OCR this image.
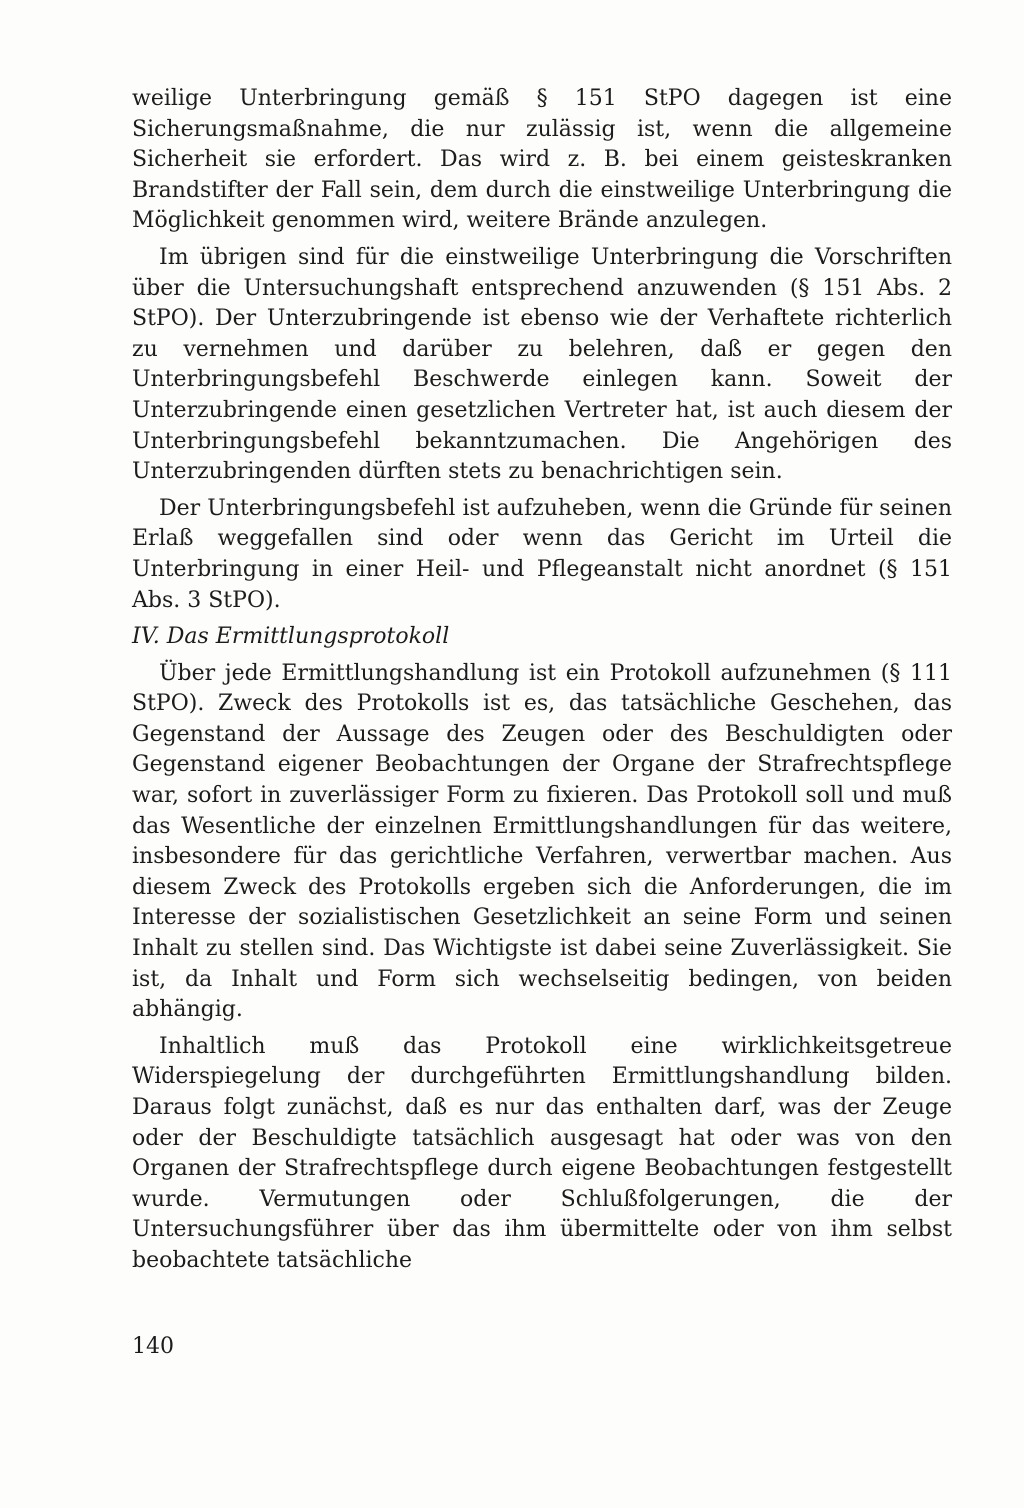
weilige Unterbringung gemäß § 151 StPO dagegen ist eine Sicherungsmaßnahme, die nur zulässig ist, wenn die allgemeine Sicherheit sie erfordert. Das wird z. B. bei einem geisteskranken Brandstifter der Fall sein, dem durch die einstweilige Unterbringung die Möglichkeit genommen wird, weitere Brände anzulegen.

Im übrigen sind für die einstweilige Unterbringung die Vorschriften über die Untersuchungshaft entsprechend anzuwenden (§ 151 Abs. 2 StPO). Der Unterzubringende ist ebenso wie der Verhaftete richterlich zu vernehmen und darüber zu belehren, daß er gegen den Unterbringungsbefehl Beschwerde einlegen kann. Soweit der Unterzubringende einen gesetzlichen Vertreter hat, ist auch diesem der Unterbringungsbefehl bekanntzumachen. Die Angehörigen des Unterzubringenden dürften stets zu benachrichtigen sein.

Der Unterbringungsbefehl ist aufzuheben, wenn die Gründe für seinen Erlaß weggefallen sind oder wenn das Gericht im Urteil die Unterbringung in einer Heil- und Pflegeanstalt nicht anordnet (§ 151 Abs. 3 StPO).

IV. Das Ermittlungsprotokoll

Über jede Ermittlungshandlung ist ein Protokoll aufzunehmen (§ 111 StPO). Zweck des Protokolls ist es, das tatsächliche Geschehen, das Gegenstand der Aussage des Zeugen oder des Beschuldigten oder Gegenstand eigener Beobachtungen der Organe der Strafrechtspflege war, sofort in zuverlässiger Form zu fixieren. Das Protokoll soll und muß das Wesentliche der einzelnen Ermittlungshandlungen für das weitere, insbesondere für das gerichtliche Verfahren, verwertbar machen. Aus diesem Zweck des Protokolls ergeben sich die Anforderungen, die im Interesse der sozialistischen Gesetzlichkeit an seine Form und seinen Inhalt zu stellen sind. Das Wichtigste ist dabei seine Zuverlässigkeit. Sie ist, da Inhalt und Form sich wechselseitig bedingen, von beiden abhängig.

Inhaltlich muß das Protokoll eine wirklichkeitsgetreue Widerspiegelung der durchgeführten Ermittlungshandlung bilden. Daraus folgt zunächst, daß es nur das enthalten darf, was der Zeuge oder der Beschuldigte tatsächlich ausgesagt hat oder was von den Organen der Strafrechtspflege durch eigene Beobachtungen festgestellt wurde. Vermutungen oder Schlußfolgerungen, die der Untersuchungsführer über das ihm übermittelte oder von ihm selbst beobachtete tatsächliche

140
